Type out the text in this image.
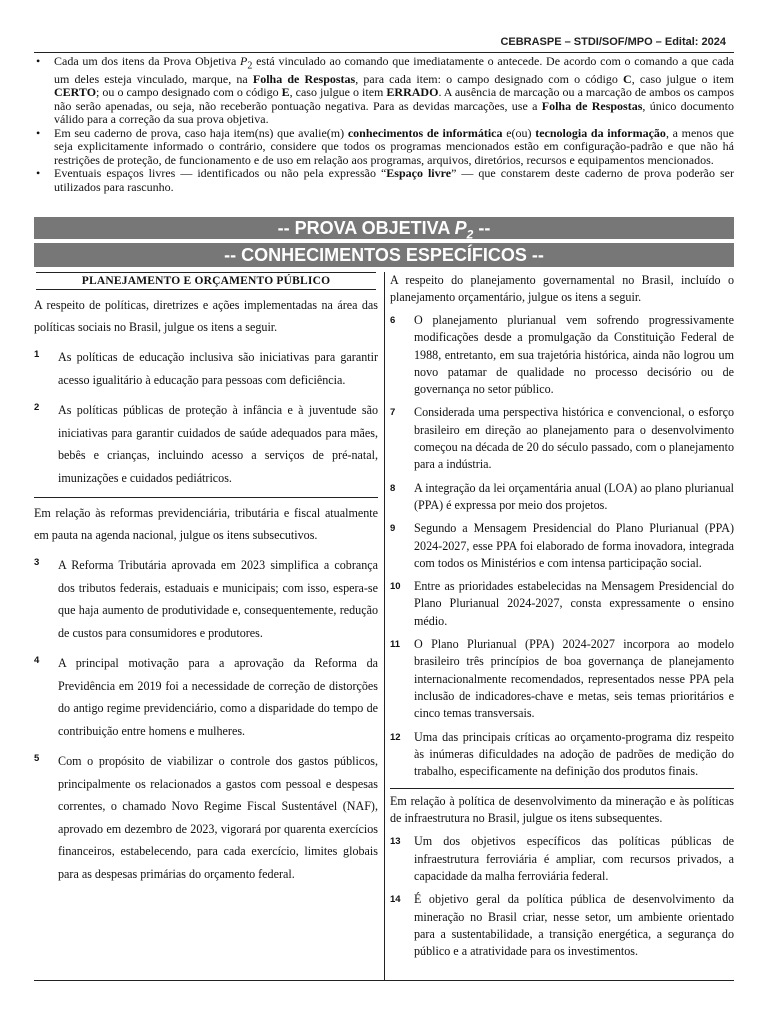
CEBRASPE – STDI/SOF/MPO – Edital: 2024
• Cada um dos itens da Prova Objetiva $P_2$ está vinculado ao comando que imediatamente o antecede. De acordo com o comando a que cada um deles esteja vinculado, marque, na Folha de Respostas, para cada item: o campo designado com o código C, caso julgue o item CERTO; ou o campo designado com o código E, caso julgue o item ERRADO. A ausência de marcação ou a marcação de ambos os campos não serão apenadas, ou seja, não receberão pontuação negativa. Para as devidas marcações, use a Folha de Respostas, único documento válido para a correção da sua prova objetiva.
• Em seu caderno de prova, caso haja item(ns) que avalie(m) conhecimentos de informática e(ou) tecnologia da informação, a menos que seja explicitamente informado o contrário, considere que todos os programas mencionados estão em configuração-padrão e que não há restrições de proteção, de funcionamento e de uso em relação aos programas, arquivos, diretórios, recursos e equipamentos mencionados.
• Eventuais espaços livres — identificados ou não pela expressão “Espaço livre” — que constarem deste caderno de prova poderão ser utilizados para rascunho.
-- PROVA OBJETIVA $P_2$ --
-- CONHECIMENTOS ESPECÍFICOS --
PLANEJAMENTO E ORÇAMENTO PÚBLICO

A respeito de políticas, diretrizes e ações implementadas na área das políticas sociais no Brasil, julgue os itens a seguir.

1	As políticas de educação inclusiva são iniciativas para garantir acesso igualitário à educação para pessoas com deficiência.

2	As políticas públicas de proteção à infância e à juventude são iniciativas para garantir cuidados de saúde adequados para mães, bebês e crianças, incluindo acesso a serviços de pré-natal, imunizações e cuidados pediátricos.

Em relação às reformas previdenciária, tributária e fiscal atualmente em pauta na agenda nacional, julgue os itens subsecutivos.

3	A Reforma Tributária aprovada em 2023 simplifica a cobrança dos tributos federais, estaduais e municipais; com isso, espera-se que haja aumento de produtividade e, consequentemente, redução de custos para consumidores e produtores.

4	A principal motivação para a aprovação da Reforma da Previdência em 2019 foi a necessidade de correção de distorções do antigo regime previdenciário, como a disparidade do tempo de contribuição entre homens e mulheres.

5	Com o propósito de viabilizar o controle dos gastos públicos, principalmente os relacionados a gastos com pessoal e despesas correntes, o chamado Novo Regime Fiscal Sustentável (NAF), aprovado em dezembro de 2023, vigorará por quarenta exercícios financeiros, estabelecendo, para cada exercício, limites globais para as despesas primárias do orçamento federal.

A respeito do planejamento governamental no Brasil, incluído o planejamento orçamentário, julgue os itens a seguir.

6	O planejamento plurianual vem sofrendo progressivamente modificações desde a promulgação da Constituição Federal de 1988, entretanto, em sua trajetória histórica, ainda não logrou um novo patamar de qualidade no processo decisório ou de governança no setor público.

7	Considerada uma perspectiva histórica e convencional, o esforço brasileiro em direção ao planejamento para o desenvolvimento começou na década de 20 do século passado, com o planejamento para a indústria.

8	A integração da lei orçamentária anual (LOA) ao plano plurianual (PPA) é expressa por meio dos projetos.

9	Segundo a Mensagem Presidencial do Plano Plurianual (PPA) 2024-2027, esse PPA foi elaborado de forma inovadora, integrada com todos os Ministérios e com intensa participação social.

10	Entre as prioridades estabelecidas na Mensagem Presidencial do Plano Plurianual 2024-2027, consta expressamente o ensino médio.

11	O Plano Plurianual (PPA) 2024-2027 incorpora ao modelo brasileiro três princípios de boa governança de planejamento internacionalmente recomendados, representados nesse PPA pela inclusão de indicadores-chave e metas, seis temas prioritários e cinco temas transversais.

12	Uma das principais críticas ao orçamento-programa diz respeito às inúmeras dificuldades na adoção de padrões de medição do trabalho, especificamente na definição dos produtos finais.

Em relação à política de desenvolvimento da mineração e às políticas de infraestrutura no Brasil, julgue os itens subsequentes.

13	Um dos objetivos específicos das políticas públicas de infraestrutura ferroviária é ampliar, com recursos privados, a capacidade da malha ferroviária federal.

14	É objetivo geral da política pública de desenvolvimento da mineração no Brasil criar, nesse setor, um ambiente orientado para a sustentabilidade, a transição energética, a segurança do público e a atratividade para os investimentos.
